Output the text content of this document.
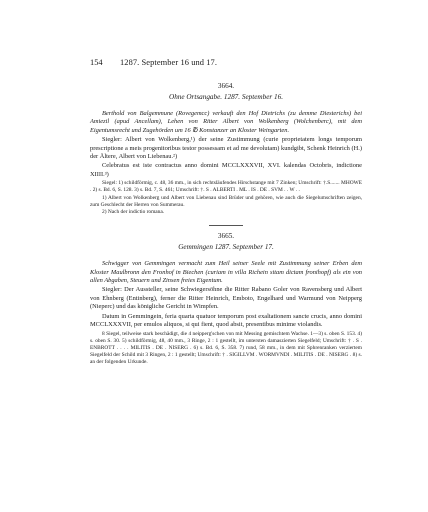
154	1287. September 16 und 17.
3664.
Ohne Ortsangabe. 1287. September 16.

Berthold von Balgemmune (Rovegemcc) verkauft den Hof Dietrichs (zu demme Diesterichs) bei Amiezil (apud Ancellam), Lehen von Ritter Albert von Wolkenberg (Wolchenberc), mit dem Eigentumsrecht und Zugehörden um 16 ℔ Konstanzer an Kloster Weingarten.

Siegler: Albert von Wolkenberg,¹) der seine Zustimmung (curie proprietatem longs temporum prescriptione a meis progenitoribus testor possessam et ad me devolutam) kundgibt, Schenk Heinrich (H.) der Ältere, Albert von Liebenau.²)

Celebratus est iste contractus anno domini MCCLXXXVII, XVI. kalendas Octobris, indictione XIIII.³)

Siegel: 1) schildförmig, c. 48, 36 mm., in sich rechtsläufendes Hirschstange mit 7 Zinken; Umschrift: †.S....... MHOWE . 2) s. Bd. 6, S. 128. 3) s. Bd. 7, S. 461; Umschrift: †. S . ALBERTI . ML . IS . DE . SVM . . W . .

1) Albert von Wolkenberg und Albert von Liebenau sind Brüder und gehören, wie auch die Siegelumschriften zeigen, zum Geschlecht der Herren von Summerau.

2) Nach der indictio romana.

3665.
Gemmingen 1287. September 17.

Schwigger von Gemmingen vermacht zum Heil seiner Seele mit Zustimmung seiner Erben dem Kloster Maulbronn den Fronhof in Biechen (curiam in villa Richein sitam dictam fronihopf) als ein von allen Abgaben, Steuern und Zinsen freies Eigentum.

Siegler: Der Aussteller, seine Schwiegersöhne die Ritter Rabano Goler von Ravensberg und Albert von Ehnberg (Entinberg), ferner die Ritter Heinrich, Emboto, Engelhard und Warmund von Neipperg (Nieperc) und das königliche Gericht in Wimpfen.

Datum in Gemmingein, feria quarta quatuor temporum post exaltationem sancte crucis, anno domini MCCLXXXVII, per emulos aliquos, si qui fient, quod absit, presentibus minime violandis.

8 Siegel, teilweise stark beschädigt, die 4 neipperg'schen von mit Messing gemischtem Wachse. 1—3) s. oben S. 153. 4) s. oben S. 30. 5) schildförmig, 48, 40 mm., 3 Ringe, 2 : 1 gestellt, im untersten damaszierten Siegelfeld; Umschrift: † . S . ENBROTT . . . . MILITIS . DE . NISERG . 6) s. Bd. 6, S. 358. 7) rund, 58 mm., in dem mit Sphrenranken verziertem Siegelfeld der Schild mit 3 Ringen, 2 : 1 gestellt; Umschrift: † . SIGILLVM . WORMVNDI . MILITIS . DE . NISERG . 8) s. an der folgenden Urkunde.
